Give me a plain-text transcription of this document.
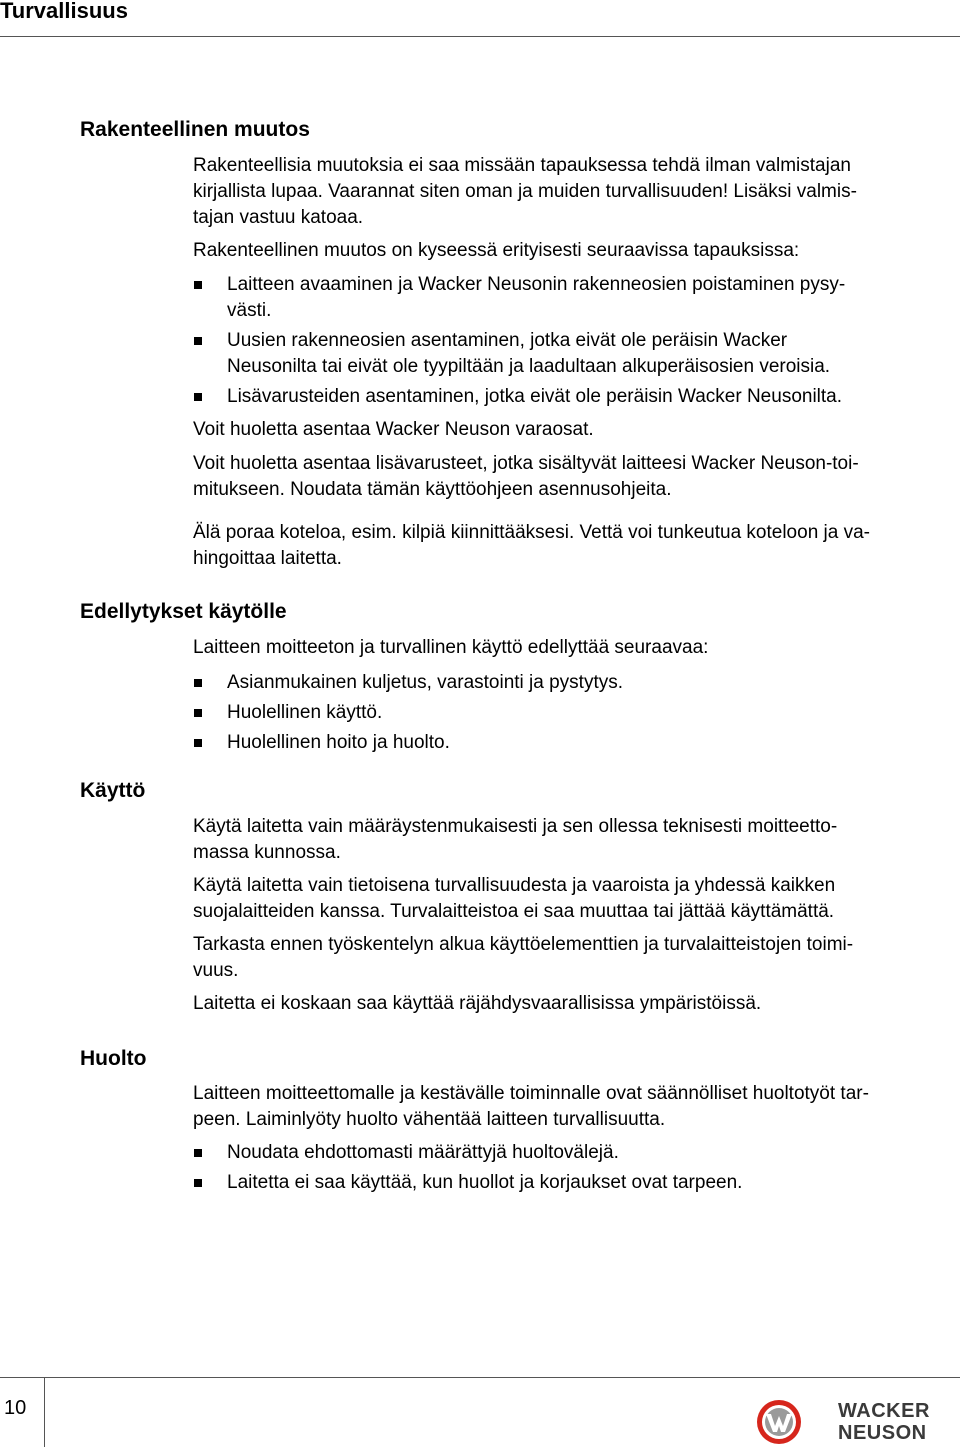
Turvallisuus
Rakenteellinen muutos
Rakenteellisia muutoksia ei saa missään tapauksessa tehdä ilman valmistajan
kirjallista lupaa. Vaarannat siten oman ja muiden turvallisuuden! Lisäksi valmis-
tajan vastuu katoaa.
Rakenteellinen muutos on kyseessä erityisesti seuraavissa tapauksissa:
Laitteen avaaminen ja Wacker Neusonin rakenneosien poistaminen pysy-
västi.
Uusien rakenneosien asentaminen, jotka eivät ole peräisin Wacker
Neusonilta tai eivät ole tyypiltään ja laadultaan alkuperäisosien veroisia.
Lisävarusteiden asentaminen, jotka eivät ole peräisin Wacker Neusonilta.
Voit huoletta asentaa Wacker Neuson varaosat.
Voit huoletta asentaa lisävarusteet, jotka sisältyvät laitteesi Wacker Neuson-toi-
mitukseen. Noudata tämän käyttöohjeen asennusohjeita.
Älä poraa koteloa, esim. kilpiä kiinnittääksesi. Vettä voi tunkeutua koteloon ja va-
hingoittaa laitetta.
Edellytykset käytölle
Laitteen moitteeton ja turvallinen käyttö edellyttää seuraavaa:
Asianmukainen kuljetus, varastointi ja pystytys.
Huolellinen käyttö.
Huolellinen hoito ja huolto.
Käyttö
Käytä laitetta vain määräystenmukaisesti ja sen ollessa teknisesti moitteetto-
massa kunnossa.
Käytä laitetta vain tietoisena turvallisuudesta ja vaaroista ja yhdessä kaikken
suojalaitteiden kanssa. Turvalaitteistoa ei saa muuttaa tai jättää käyttämättä.
Tarkasta ennen työskentelyn alkua käyttöelementtien ja turvalaitteistojen toimi-
vuus.
Laitetta ei koskaan saa käyttää räjähdysvaarallisissa ympäristöissä.
Huolto
Laitteen moitteettomalle ja kestävälle toiminnalle ovat säännölliset huoltotyöt tar-
peen. Laiminlyöty huolto vähentää laitteen turvallisuutta.
Noudata ehdottomasti määrättyjä huoltovälejä.
Laitetta ei saa käyttää, kun huollot ja korjaukset ovat tarpeen.
10	WACKER
NEUSON
